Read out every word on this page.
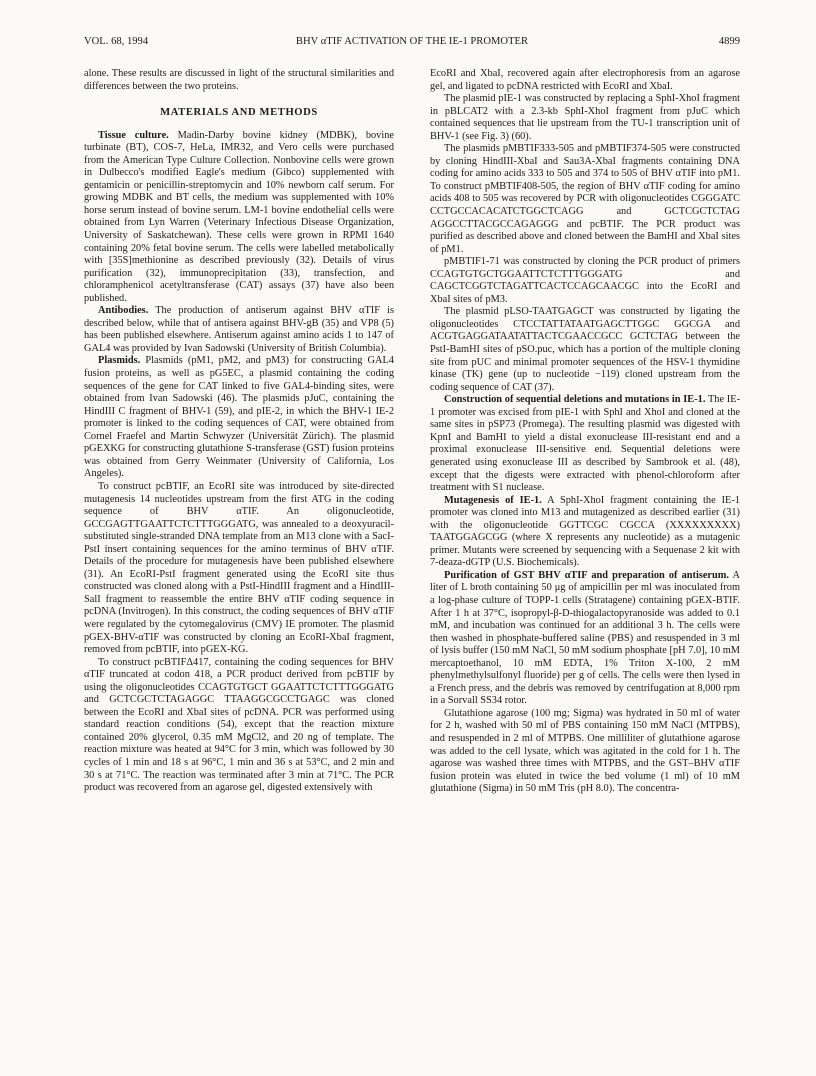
VOL. 68, 1994	BHV αTIF ACTIVATION OF THE IE-1 PROMOTER	4899

alone. These results are discussed in light of the structural similarities and differences between the two proteins.

MATERIALS AND METHODS

Tissue culture. Madin-Darby bovine kidney (MDBK), bovine turbinate (BT), COS-7, HeLa, IMR32, and Vero cells were purchased from the American Type Culture Collection. Nonbovine cells were grown in Dulbecco's modified Eagle's medium (Gibco) supplemented with gentamicin or penicillin-streptomycin and 10% newborn calf serum. For growing MDBK and BT cells, the medium was supplemented with 10% horse serum instead of bovine serum. LM-1 bovine endothelial cells were obtained from Lyn Warren (Veterinary Infectious Disease Organization, University of Saskatchewan). These cells were grown in RPMI 1640 containing 20% fetal bovine serum. The cells were labelled metabolically with [35S]methionine as described previously (32). Details of virus purification (32), immunoprecipitation (33), transfection, and chloramphenicol acetyltransferase (CAT) assays (37) have also been published.

Antibodies. The production of antiserum against BHV αTIF is described below, while that of antisera against BHV-gB (35) and VP8 (5) has been published elsewhere. Antiserum against amino acids 1 to 147 of GAL4 was provided by Ivan Sadowski (University of British Columbia).

Plasmids. Plasmids (pM1, pM2, and pM3) for constructing GAL4 fusion proteins, as well as pG5EC, a plasmid containing the coding sequences of the gene for CAT linked to five GAL4-binding sites, were obtained from Ivan Sadowski (46). The plasmids pJuC, containing the HindIII C fragment of BHV-1 (59), and pIE-2, in which the BHV-1 IE-2 promoter is linked to the coding sequences of CAT, were obtained from Cornel Fraefel and Martin Schwyzer (Universität Zürich). The plasmid pGEXKG for constructing glutathione S-transferase (GST) fusion proteins was obtained from Gerry Weinmater (University of California, Los Angeles).

To construct pcBTIF, an EcoRI site was introduced by site-directed mutagenesis 14 nucleotides upstream from the first ATG in the coding sequence of BHV αTIF. An oligonucleotide, GCCGAGTTGAATTCTCTTTGGGATG, was annealed to a deoxyuracil-substituted single-stranded DNA template from an M13 clone with a SacI-PstI insert containing sequences for the amino terminus of BHV αTIF. Details of the procedure for mutagenesis have been published elsewhere (31). An EcoRI-PstI fragment generated using the EcoRI site thus constructed was cloned along with a PstI-HindIII fragment and a HindIII-SalI fragment to reassemble the entire BHV αTIF coding sequence in pcDNA (Invitrogen). In this construct, the coding sequences of BHV αTIF were regulated by the cytomegalovirus (CMV) IE promoter. The plasmid pGEX-BHV-αTIF was constructed by cloning an EcoRI-XbaI fragment, removed from pcBTIF, into pGEX-KG.

To construct pcBTIFΔ417, containing the coding sequences for BHV αTIF truncated at codon 418, a PCR product derived from pcBTIF by using the oligonucleotides CCAGTGTGCT GGAATTCTCTTTGGGATG and GCTCGCTCTAGAGGC TTAAGGCGCCTGAGC was cloned between the EcoRI and XbaI sites of pcDNA. PCR was performed using standard reaction conditions (54), except that the reaction mixture contained 20% glycerol, 0.35 mM MgCl2, and 20 ng of template. The reaction mixture was heated at 94°C for 3 min, which was followed by 30 cycles of 1 min and 18 s at 96°C, 1 min and 36 s at 53°C, and 2 min and 30 s at 71°C. The reaction was terminated after 3 min at 71°C. The PCR product was recovered from an agarose gel, digested extensively with

EcoRI and XbaI, recovered again after electrophoresis from an agarose gel, and ligated to pcDNA restricted with EcoRI and XbaI.

The plasmid pIE-1 was constructed by replacing a SphI-XhoI fragment in pBLCAT2 with a 2.3-kb SphI-XhoI fragment from pJuC which contained sequences that lie upstream from the TU-1 transcription unit of BHV-1 (see Fig. 3) (60).

The plasmids pMBTIF333-505 and pMBTIF374-505 were constructed by cloning HindIII-XbaI and Sau3A-XbaI fragments containing DNA coding for amino acids 333 to 505 and 374 to 505 of BHV αTIF into pM1. To construct pMBTIF408-505, the region of BHV αTIF coding for amino acids 408 to 505 was recovered by PCR with oligonucleotides CGGGATC CCTGCCACACATCTGGCTCAGG and GCTCGCTCTAG AGGCCTTACGCCAGAGGG and pcBTIF. The PCR product was purified as described above and cloned between the BamHI and XbaI sites of pM1.

pMBTIF1-71 was constructed by cloning the PCR product of primers CCAGTGTGCTGGAATTCTCTTTGGGATG and CAGCTCGGTCTAGATTCACTCCAGCAACGC into the EcoRI and XbaI sites of pM3.

The plasmid pLSO-TAATGAGCT was constructed by ligating the oligonucleotides CTCCTATTATAATGAGCTTGGC GGCGA and ACGTGAGGATAATATTACTCGAACCGCC GCTCTAG between the PstI-BamHI sites of pSO.puc, which has a portion of the multiple cloning site from pUC and minimal promoter sequences of the HSV-1 thymidine kinase (TK) gene (up to nucleotide −119) cloned upstream from the coding sequence of CAT (37).

Construction of sequential deletions and mutations in IE-1. The IE-1 promoter was excised from pIE-1 with SphI and XhoI and cloned at the same sites in pSP73 (Promega). The resulting plasmid was digested with KpnI and BamHI to yield a distal exonuclease III-resistant end and a proximal exonuclease III-sensitive end. Sequential deletions were generated using exonuclease III as described by Sambrook et al. (48), except that the digests were extracted with phenol-chloroform after treatment with S1 nuclease.

Mutagenesis of IE-1. A SphI-XhoI fragment containing the IE-1 promoter was cloned into M13 and mutagenized as described earlier (31) with the oligonucleotide GGTTCGC CGCCA (XXXXXXXXX) TAATGGAGCGG (where X represents any nucleotide) as a mutagenic primer. Mutants were screened by sequencing with a Sequenase 2 kit with 7-deaza-dGTP (U.S. Biochemicals).

Purification of GST BHV αTIF and preparation of antiserum. A liter of L broth containing 50 μg of ampicillin per ml was inoculated from a log-phase culture of TOPP-1 cells (Stratagene) containing pGEX-BTIF. After 1 h at 37°C, isopropyl-β-D-thiogalactopyranoside was added to 0.1 mM, and incubation was continued for an additional 3 h. The cells were then washed in phosphate-buffered saline (PBS) and resuspended in 3 ml of lysis buffer (150 mM NaCl, 50 mM sodium phosphate [pH 7.0], 10 mM mercaptoethanol, 10 mM EDTA, 1% Triton X-100, 2 mM phenylmethylsulfonyl fluoride) per g of cells. The cells were then lysed in a French press, and the debris was removed by centrifugation at 8,000 rpm in a Sorvall SS34 rotor.

Glutathione agarose (100 mg; Sigma) was hydrated in 50 ml of water for 2 h, washed with 50 ml of PBS containing 150 mM NaCl (MTPBS), and resuspended in 2 ml of MTPBS. One milliliter of glutathione agarose was added to the cell lysate, which was agitated in the cold for 1 h. The agarose was washed three times with MTPBS, and the GST–BHV αTIF fusion protein was eluted in twice the bed volume (1 ml) of 10 mM glutathione (Sigma) in 50 mM Tris (pH 8.0). The concentra-
